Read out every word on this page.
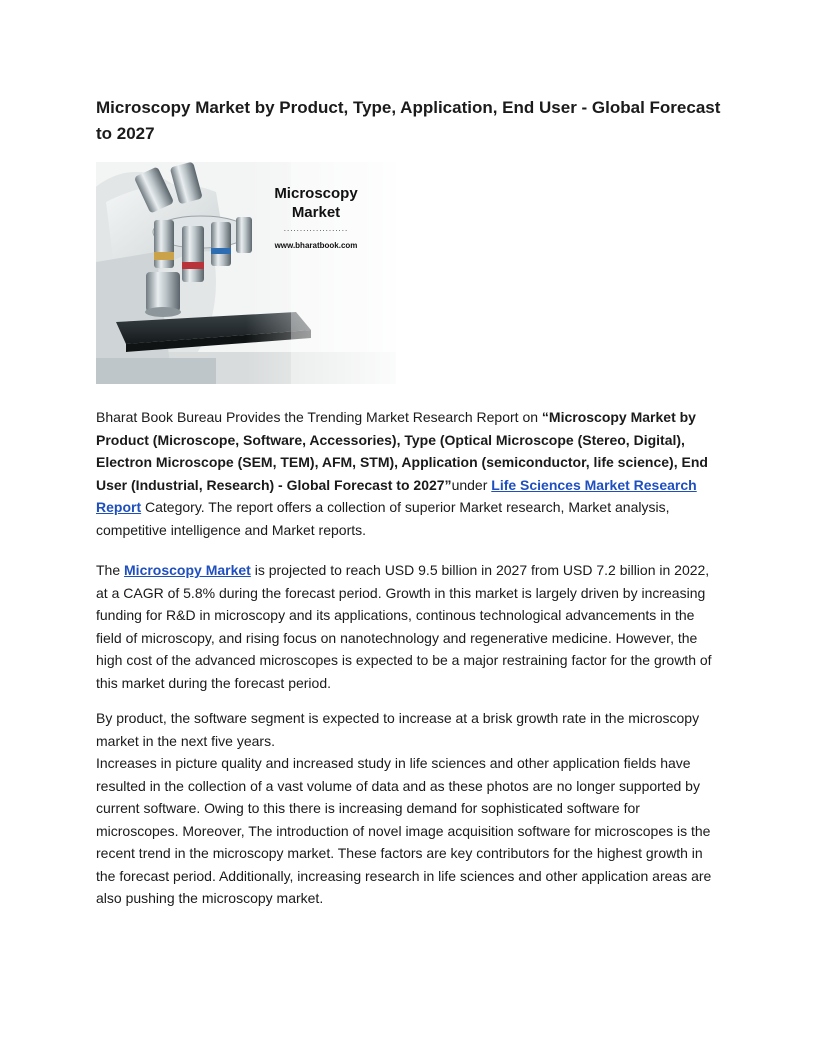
Microscopy Market by Product, Type, Application, End User - Global Forecast to 2027
Microscopy
Market
....................
www.bharatbook.com

Bharat Book Bureau Provides the Trending Market Research Report on “Microscopy Market by Product (Microscope, Software, Accessories), Type (Optical Microscope (Stereo, Digital), Electron Microscope (SEM, TEM), AFM, STM), Application (semiconductor, life science), End User (Industrial, Research) - Global Forecast to 2027”under Life Sciences Market Research Report Category. The report offers a collection of superior Market research, Market analysis, competitive intelligence and Market reports.

The Microscopy Market is projected to reach USD 9.5 billion in 2027 from USD 7.2 billion in 2022, at a CAGR of 5.8% during the forecast period. Growth in this market is largely driven by increasing funding for R&D in microscopy and its applications, continous technological advancements in the field of microscopy, and rising focus on nanotechnology and regenerative medicine. However, the high cost of the advanced microscopes is expected to be a major restraining factor for the growth of this market during the forecast period.

By product, the software segment is expected to increase at a brisk growth rate in the microscopy market in the next five years.
Increases in picture quality and increased study in life sciences and other application fields have resulted in the collection of a vast volume of data and as these photos are no longer supported by current software. Owing to this there is increasing demand for sophisticated software for microscopes. Moreover, The introduction of novel image acquisition software for microscopes is the recent trend in the microscopy market. These factors are key contributors for the highest growth in the forecast period. Additionally, increasing research in life sciences and other application areas are also pushing the microscopy market.
